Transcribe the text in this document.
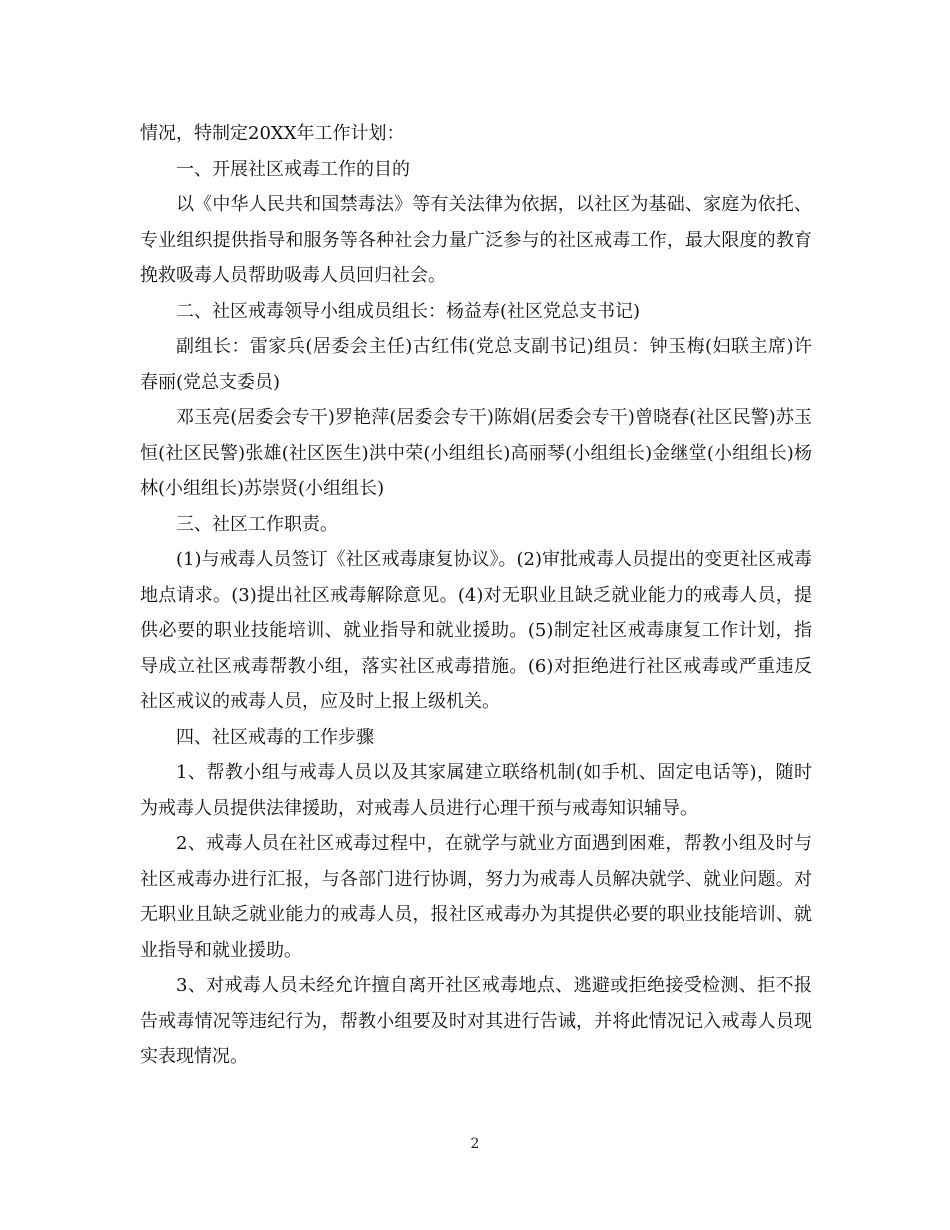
情况，特制定20XX年工作计划：

一、开展社区戒毒工作的目的

以《中华人民共和国禁毒法》等有关法律为依据，以社区为基础、家庭为依托、专业组织提供指导和服务等各种社会力量广泛参与的社区戒毒工作，最大限度的教育挽救吸毒人员帮助吸毒人员回归社会。

二、社区戒毒领导小组成员组长：杨益寿(社区党总支书记)

副组长：雷家兵(居委会主任)古红伟(党总支副书记)组员：钟玉梅(妇联主席)许春丽(党总支委员)

邓玉亮(居委会专干)罗艳萍(居委会专干)陈娟(居委会专干)曾晓春(社区民警)苏玉恒(社区民警)张雄(社区医生)洪中荣(小组组长)高丽琴(小组组长)金继堂(小组组长)杨林(小组组长)苏崇贤(小组组长)

三、社区工作职责。

(1)与戒毒人员签订《社区戒毒康复协议》。(2)审批戒毒人员提出的变更社区戒毒地点请求。(3)提出社区戒毒解除意见。(4)对无职业且缺乏就业能力的戒毒人员，提供必要的职业技能培训、就业指导和就业援助。(5)制定社区戒毒康复工作计划，指导成立社区戒毒帮教小组，落实社区戒毒措施。(6)对拒绝进行社区戒毒或严重违反社区戒议的戒毒人员，应及时上报上级机关。

四、社区戒毒的工作步骤

1、帮教小组与戒毒人员以及其家属建立联络机制(如手机、固定电话等)，随时为戒毒人员提供法律援助，对戒毒人员进行心理干预与戒毒知识辅导。

2、戒毒人员在社区戒毒过程中，在就学与就业方面遇到困难，帮教小组及时与社区戒毒办进行汇报，与各部门进行协调，努力为戒毒人员解决就学、就业问题。对无职业且缺乏就业能力的戒毒人员，报社区戒毒办为其提供必要的职业技能培训、就业指导和就业援助。

3、对戒毒人员未经允许擅自离开社区戒毒地点、逃避或拒绝接受检测、拒不报告戒毒情况等违纪行为，帮教小组要及时对其进行告诫，并将此情况记入戒毒人员现实表现情况。

2
